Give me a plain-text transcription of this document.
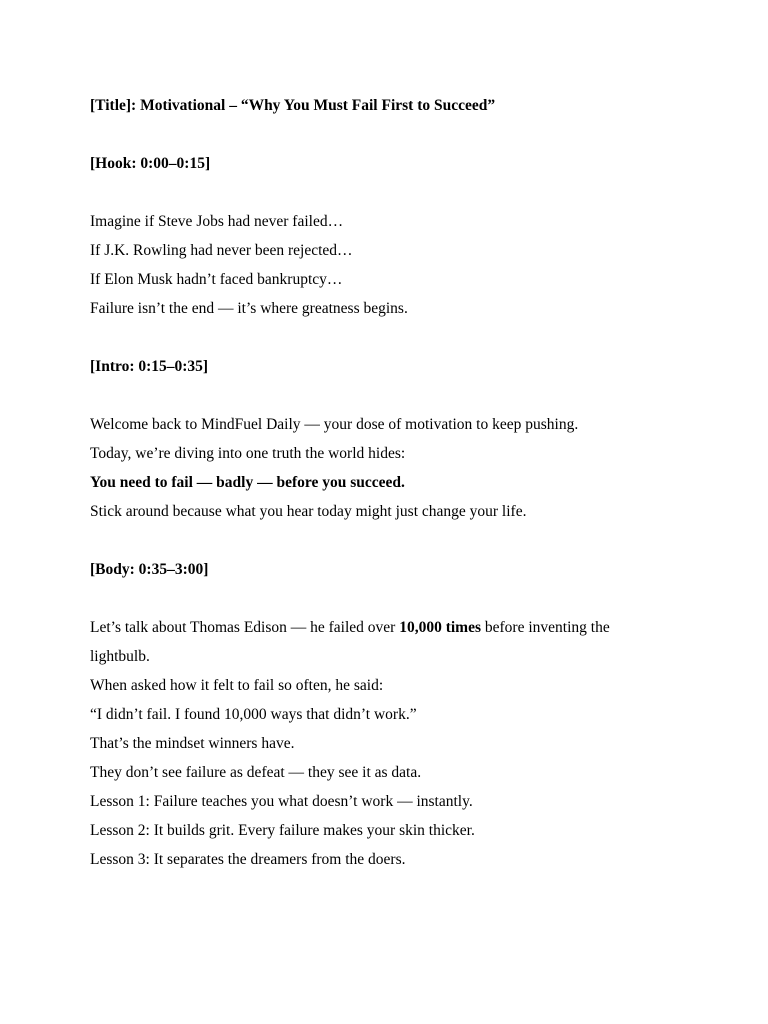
[Title]: Motivational – “Why You Must Fail First to Succeed”
[Hook: 0:00–0:15]
Imagine if Steve Jobs had never failed…
If J.K. Rowling had never been rejected…
If Elon Musk hadn’t faced bankruptcy…
Failure isn’t the end — it’s where greatness begins.
[Intro: 0:15–0:35]
Welcome back to MindFuel Daily — your dose of motivation to keep pushing.
Today, we’re diving into one truth the world hides:
You need to fail — badly — before you succeed.
Stick around because what you hear today might just change your life.
[Body: 0:35–3:00]
Let’s talk about Thomas Edison — he failed over 10,000 times before inventing the
lightbulb.
When asked how it felt to fail so often, he said:
“I didn’t fail. I found 10,000 ways that didn’t work.”
That’s the mindset winners have.
They don’t see failure as defeat — they see it as data.
Lesson 1: Failure teaches you what doesn’t work — instantly.
Lesson 2: It builds grit. Every failure makes your skin thicker.
Lesson 3: It separates the dreamers from the doers.
